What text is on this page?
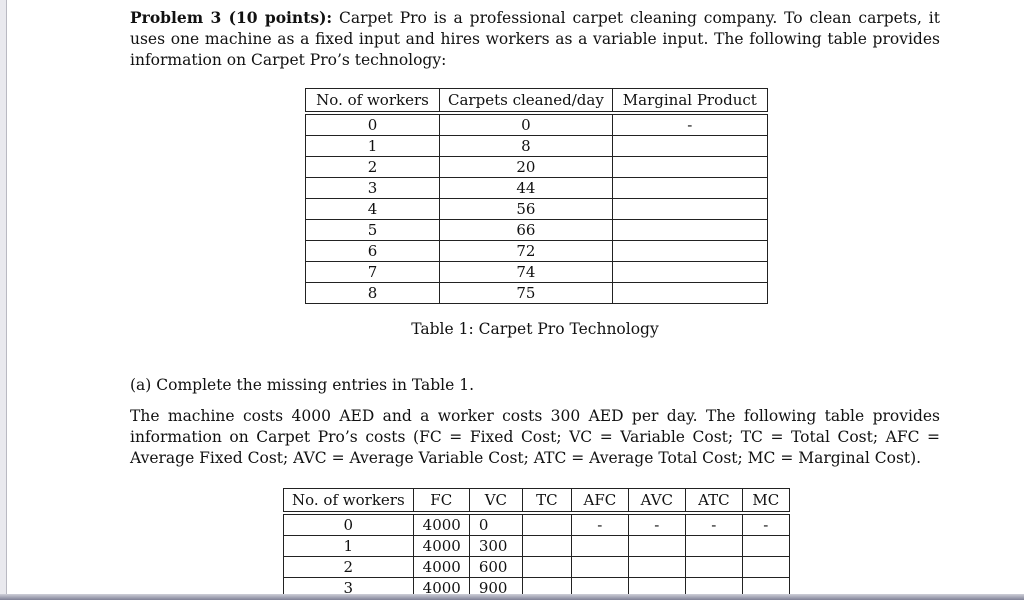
Problem 3 (10 points): Carpet Pro is a professional carpet cleaning company. To clean carpets, it uses one machine as a fixed input and hires workers as a variable input. The following table provides information on Carpet Pro’s technology:
No. of workers	Carpets cleaned/day	Marginal Product

0	0	-
1	8	
2	20	
3	44	
4	56	
5	66	
6	72	
7	74	
8	75	
Table 1: Carpet Pro Technology
(a) Complete the missing entries in Table 1.
The machine costs 4000 AED and a worker costs 300 AED per day. The following table provides information on Carpet Pro’s costs (FC = Fixed Cost; VC = Variable Cost; TC = Total Cost; AFC = Average Fixed Cost; AVC = Average Variable Cost; ATC = Average Total Cost; MC = Marginal Cost).
No. of workers	FC	VC	TC	AFC	AVC	ATC	MC

0	4000	0		-	-	-	-
1	4000	300					
2	4000	600					
3	4000	900					
